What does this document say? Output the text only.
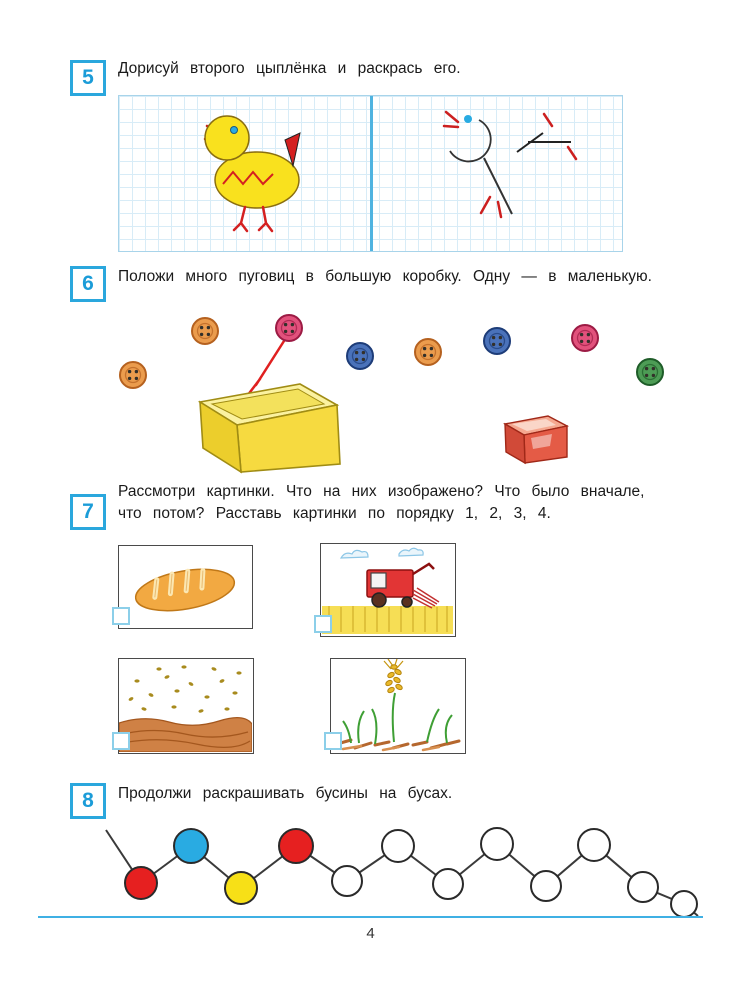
5	Дорисуй второго цыплёнка и раскрась его.

6	Положи много пуговиц в большую коробку. Одну — в маленькую.

7

Рассмотри картинки. Что на них изображено? Что было вначале,
что потом? Расставь картинки по порядку 1, 2, 3, 4.

8	Продолжи раскрашивать бусины на бусах.

4
